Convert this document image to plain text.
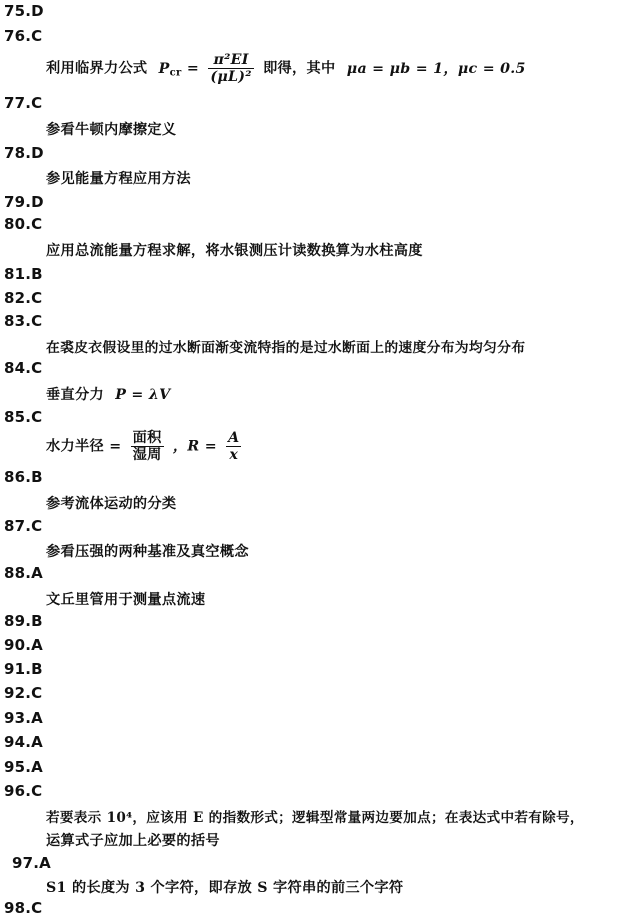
75.D
76.C
利用临界力公式 $P_{cr} = \frac{\text{π²EI}}{\text{(μL)²}}$ 即得，其中 μa = μb = 1，μc = 0.5
77.C
参看牛顿内摩擦定义
78.D
参见能量方程应用方法
79.D
80.C
应用总流能量方程求解，将水银测压计读数换算为水柱高度
81.B
82.C
83.C
在裘皮衣假设里的过水断面渐变流特指的是过水断面上的速度分布为均匀分布
84.C
垂直分力 P = λV
85.C
水力半径 = $\frac{\text{面积}}{\text{湿周}}$ ，$R = \frac{A}{x}$
86.B
参考流体运动的分类
87.C
参看压强的两种基准及真空概念
88.A
文丘里管用于测量点流速
89.B
90.A
91.B
92.C
93.A
94.A
95.A
96.C
若要表示 10⁴，应该用 E 的指数形式；逻辑型常量两边要加点；在表达式中若有除号，
运算式子应加上必要的括号
97.A
S1 的长度为 3 个字符，即存放 S 字符串的前三个字符
98.C
